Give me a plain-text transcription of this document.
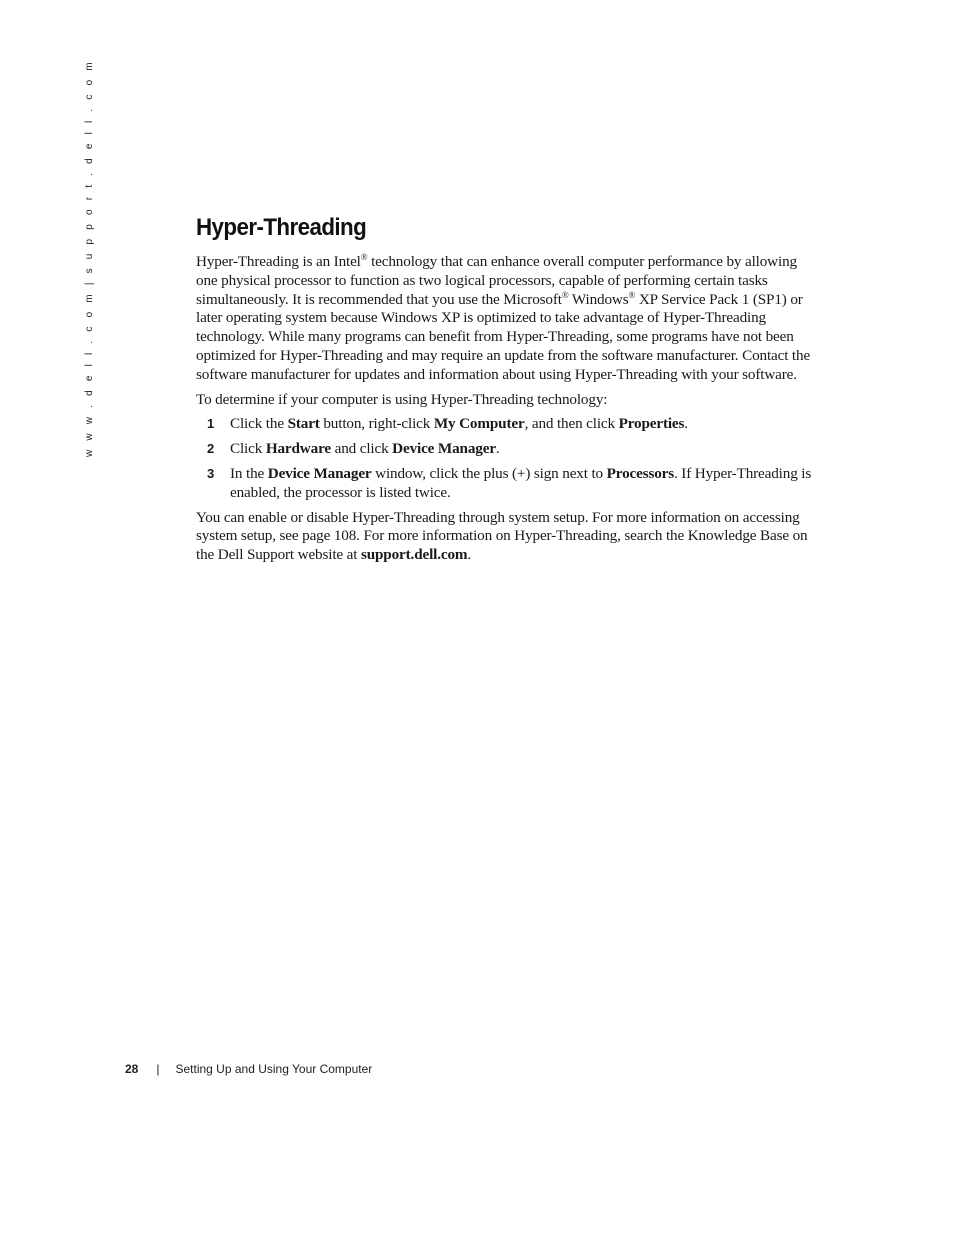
w w w . d e l l . c o m | s u p p o r t . d e l l . c o m	Hyper-Threading

Hyper-Threading is an Intel® technology that can enhance overall computer performance by allowing one physical processor to function as two logical processors, capable of performing certain tasks simultaneously. It is recommended that you use the Microsoft® Windows® XP Service Pack 1 (SP1) or later operating system because Windows XP is optimized to take advantage of Hyper-Threading technology. While many programs can benefit from Hyper-Threading, some programs have not been optimized for Hyper-Threading and may require an update from the software manufacturer. Contact the software manufacturer for updates and information about using Hyper-Threading with your software.

To determine if your computer is using Hyper-Threading technology:

1 Click the Start button, right-click My Computer, and then click Properties.
2 Click Hardware and click Device Manager.
3 In the Device Manager window, click the plus (+) sign next to Processors. If Hyper-Threading is enabled, the processor is listed twice.

You can enable or disable Hyper-Threading through system setup. For more information on accessing system setup, see page 108. For more information on Hyper-Threading, search the Knowledge Base on the Dell Support website at support.dell.com.

28 | Setting Up and Using Your Computer
